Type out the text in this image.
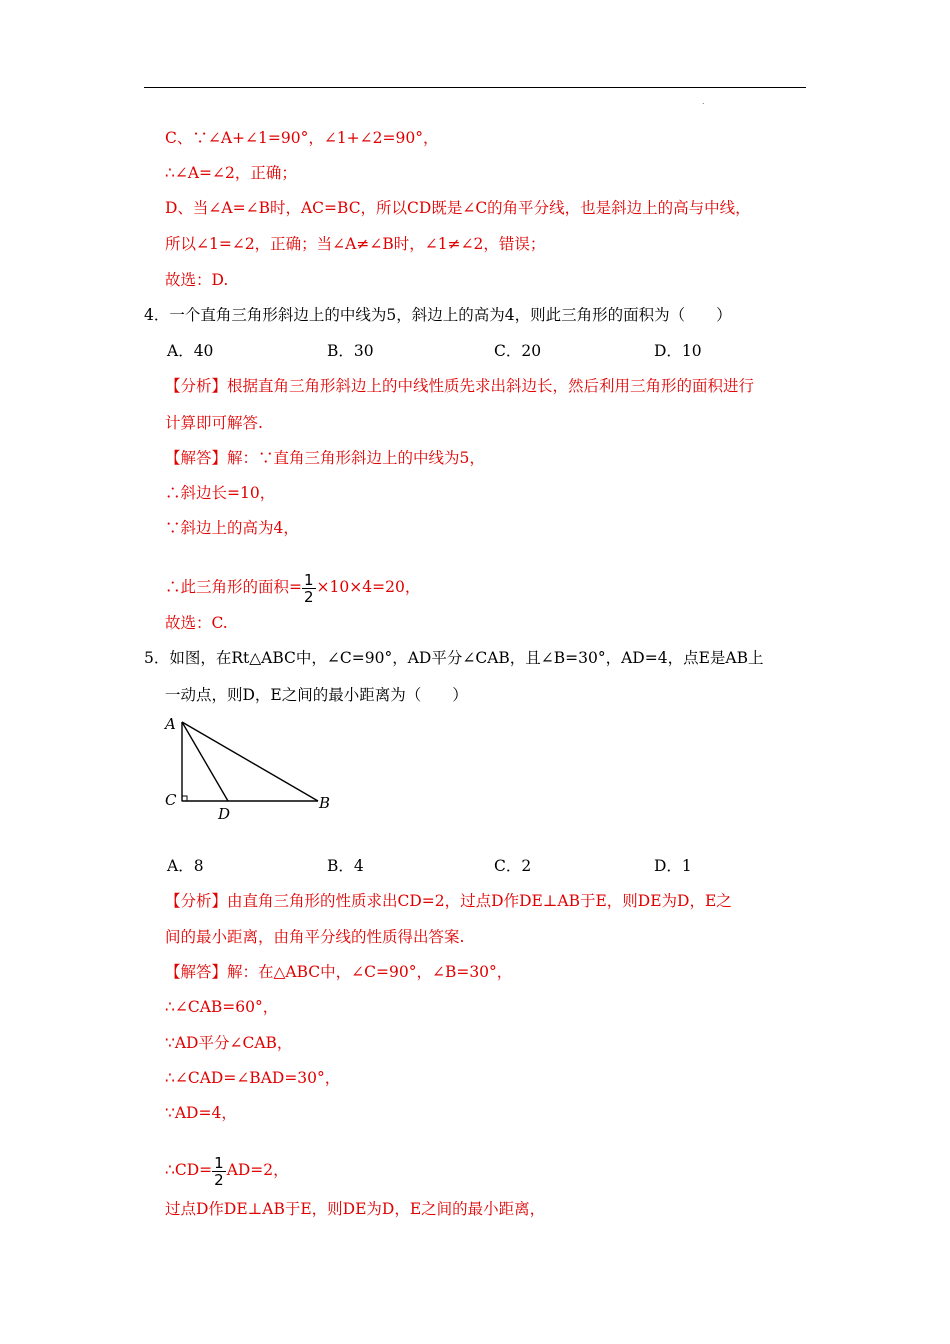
.
C、∵∠A+∠1=90°，∠1+∠2=90°，
∴∠A=∠2，正确；
D、当∠A=∠B时，AC=BC，所以CD既是∠C的角平分线，也是斜边上的高与中线，
所以∠1=∠2，正确；当∠A≠∠B时，∠1≠∠2，错误；
故选：D.
4．一个直角三角形斜边上的中线为5，斜边上的高为4，则此三角形的面积为（　　）
A．40	B．30	C．20	D．10
【分析】根据直角三角形斜边上的中线性质先求出斜边长，然后利用三角形的面积进行
计算即可解答.
【解答】解：∵直角三角形斜边上的中线为5，
∴斜边长=10，
∵斜边上的高为4，
∴此三角形的面积= $\frac{1}{2} \times 10\times 4=20$，
故选：C.
5．如图，在Rt△ABC中，∠C=90°，AD平分∠CAB，且∠B=30°，AD=4，点E是AB上
一动点，则D，E之间的最小距离为（　　）
A
B
C
D
A．8	B．4	C．2	D．1
【分析】由直角三角形的性质求出CD=2，过点D作DE⊥AB于E，则DE为D，E之
间的最小距离，由角平分线的性质得出答案.
【解答】解：在△ABC中，∠C=90°，∠B=30°，
∴∠CAB=60°，
∵AD平分∠CAB，
∴∠CAD=∠BAD=30°，
∵AD=4，
∴CD= $\frac{1}{2} AD=2$，
过点D作DE⊥AB于E，则DE为D，E之间的最小距离，
